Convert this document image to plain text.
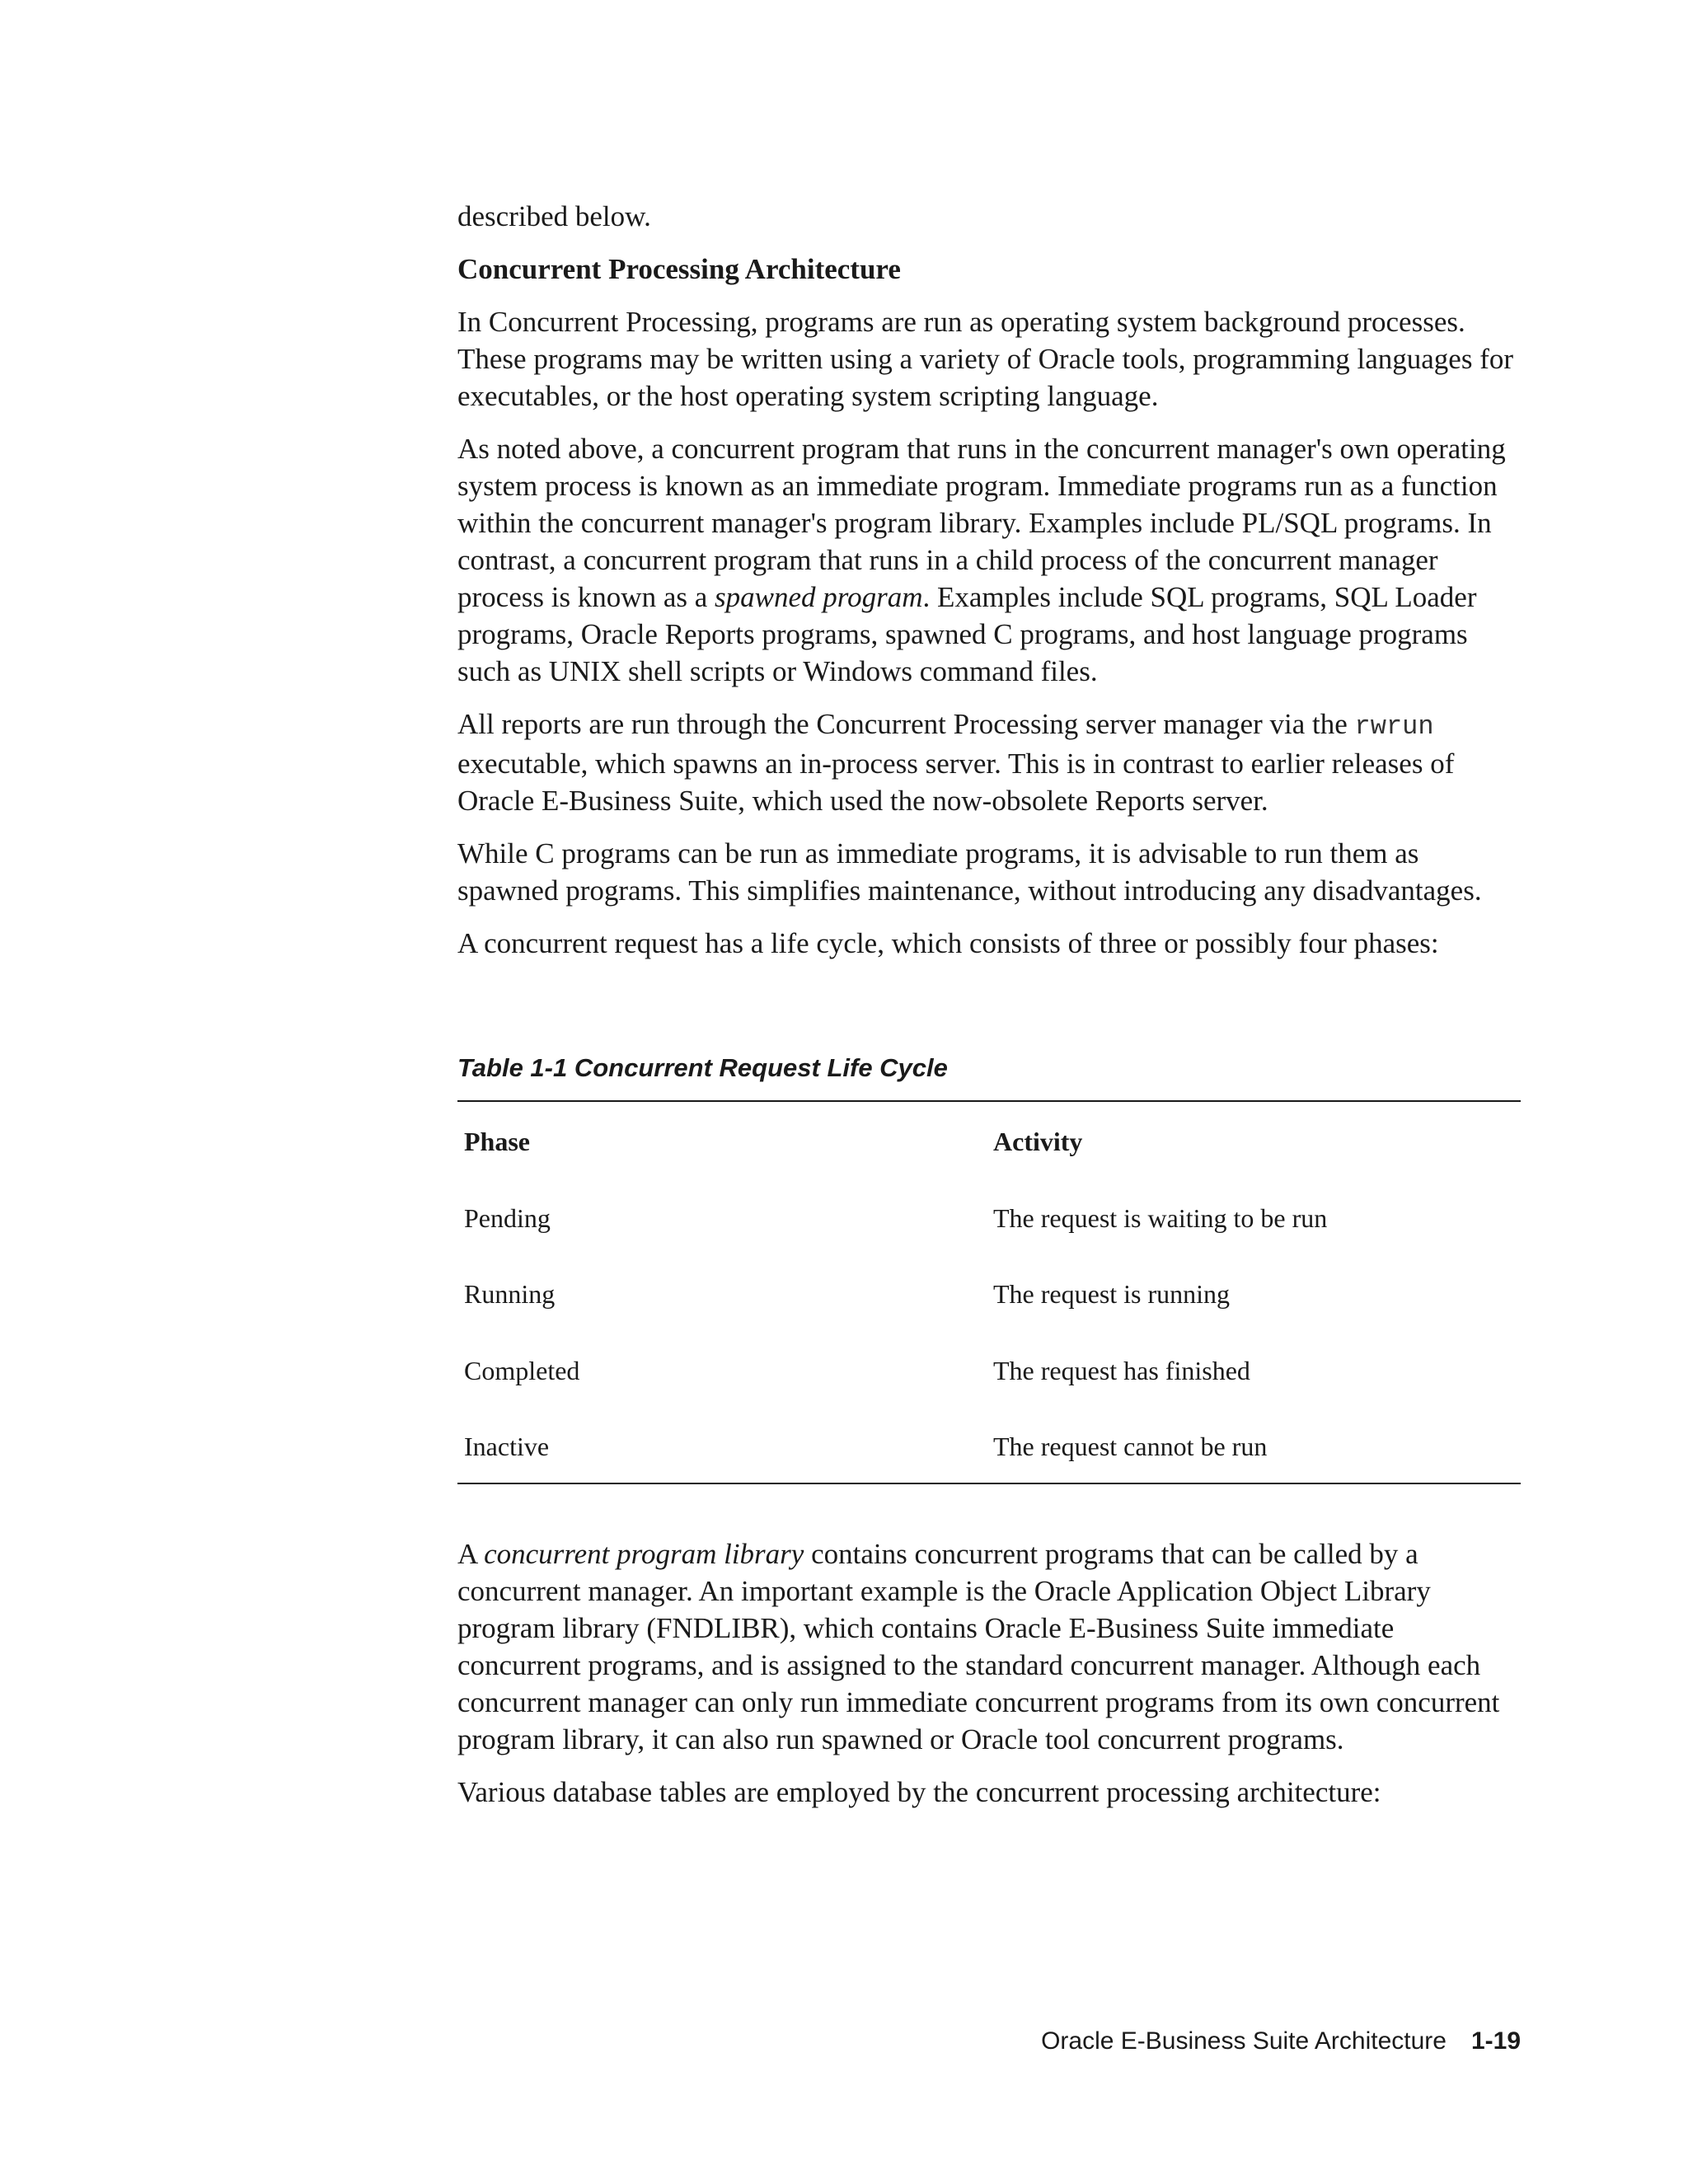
described below.

Concurrent Processing Architecture

In Concurrent Processing, programs are run as operating system background processes. These programs may be written using a variety of Oracle tools, programming languages for executables, or the host operating system scripting language.

As noted above, a concurrent program that runs in the concurrent manager's own operating system process is known as an immediate program. Immediate programs run as a function within the concurrent manager's program library. Examples include PL/SQL programs. In contrast, a concurrent program that runs in a child process of the concurrent manager process is known as a spawned program. Examples include SQL programs, SQL Loader programs, Oracle Reports programs, spawned C programs, and host language programs such as UNIX shell scripts or Windows command files.

All reports are run through the Concurrent Processing server manager via the rwrun executable, which spawns an in-process server. This is in contrast to earlier releases of Oracle E-Business Suite, which used the now-obsolete Reports server.

While C programs can be run as immediate programs, it is advisable to run them as spawned programs. This simplifies maintenance, without introducing any disadvantages.

A concurrent request has a life cycle, which consists of three or possibly four phases:

Table 1-1 Concurrent Request Life Cycle

Phase	Activity
Pending	The request is waiting to be run
Running	The request is running
Completed	The request has finished
Inactive	The request cannot be run

A concurrent program library contains concurrent programs that can be called by a concurrent manager. An important example is the Oracle Application Object Library program library (FNDLIBR), which contains Oracle E-Business Suite immediate concurrent programs, and is assigned to the standard concurrent manager. Although each concurrent manager can only run immediate concurrent programs from its own concurrent program library, it can also run spawned or Oracle tool concurrent programs.

Various database tables are employed by the concurrent processing architecture:

Oracle E-Business Suite Architecture 1-19
